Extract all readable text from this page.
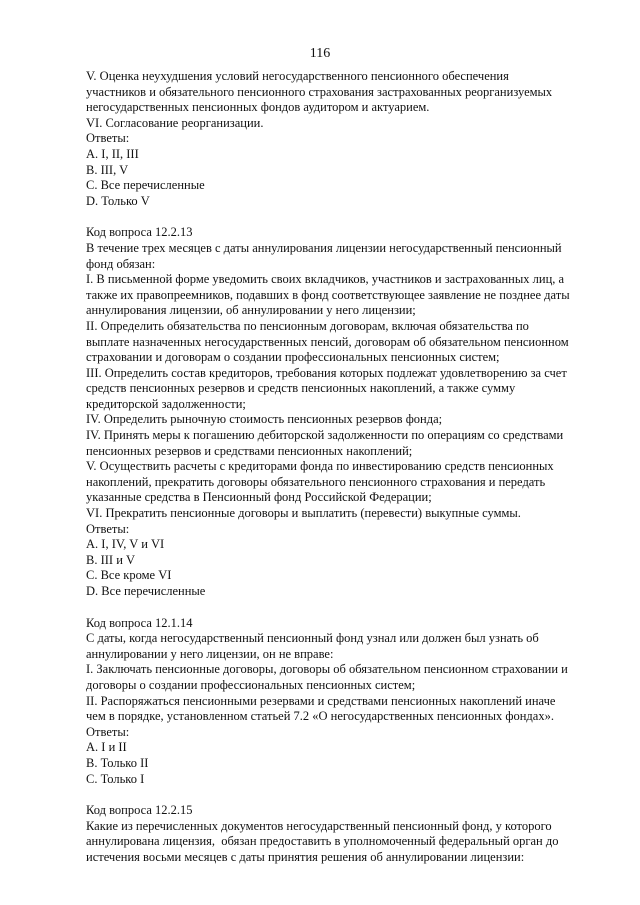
116
V. Оценка неухудшения условий негосударственного пенсионного обеспечения
участников и обязательного пенсионного страхования застрахованных реорганизуемых
негосударственных пенсионных фондов аудитором и актуарием.
VI. Согласование реорганизации.
Ответы:
A. I, II, III
B. III, V
C. Все перечисленные
D. Только V
Код вопроса 12.2.13
В течение трех месяцев с даты аннулирования лицензии негосударственный пенсионный
фонд обязан:
I. В письменной форме уведомить своих вкладчиков, участников и застрахованных лиц, а
также их правопреемников, подавших в фонд соответствующее заявление не позднее даты
аннулирования лицензии, об аннулировании у него лицензии;
II. Определить обязательства по пенсионным договорам, включая обязательства по
выплате назначенных негосударственных пенсий, договорам об обязательном пенсионном
страховании и договорам о создании профессиональных пенсионных систем;
III. Определить состав кредиторов, требования которых подлежат удовлетворению за счет
средств пенсионных резервов и средств пенсионных накоплений, а также сумму
кредиторской задолженности;
IV. Определить рыночную стоимость пенсионных резервов фонда;
IV. Принять меры к погашению дебиторской задолженности по операциям со средствами
пенсионных резервов и средствами пенсионных накоплений;
V. Осуществить расчеты с кредиторами фонда по инвестированию средств пенсионных
накоплений, прекратить договоры обязательного пенсионного страхования и передать
указанные средства в Пенсионный фонд Российской Федерации;
VI. Прекратить пенсионные договоры и выплатить (перевести) выкупные суммы.
Ответы:
A. I, IV, V и VI
B. III и V
C. Все кроме VI
D. Все перечисленные
Код вопроса 12.1.14
С даты, когда негосударственный пенсионный фонд узнал или должен был узнать об
аннулировании у него лицензии, он не вправе:
I. Заключать пенсионные договоры, договоры об обязательном пенсионном страховании и
договоры о создании профессиональных пенсионных систем;
II. Распоряжаться пенсионными резервами и средствами пенсионных накоплений иначе
чем в порядке, установленном статьей 7.2 «О негосударственных пенсионных фондах».
Ответы:
A. I и II
B. Только II
C. Только I
Код вопроса 12.2.15
Какие из перечисленных документов негосударственный пенсионный фонд, у которого
аннулирована лицензия,  обязан предоставить в уполномоченный федеральный орган до
истечения восьми месяцев с даты принятия решения об аннулировании лицензии:
